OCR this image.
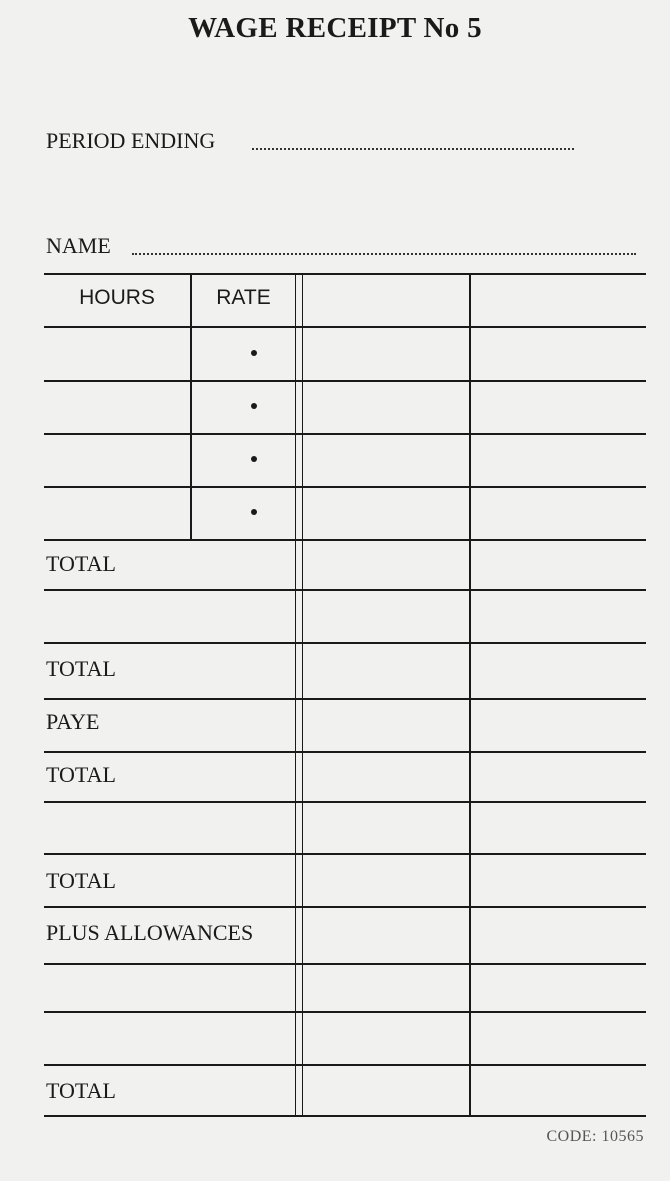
WAGE RECEIPT No 5
PERIOD ENDING
NAME
HOURS	RATE
TOTAL
TOTAL
PAYE
TOTAL
TOTAL
PLUS ALLOWANCES
TOTAL
CODE: 10565
